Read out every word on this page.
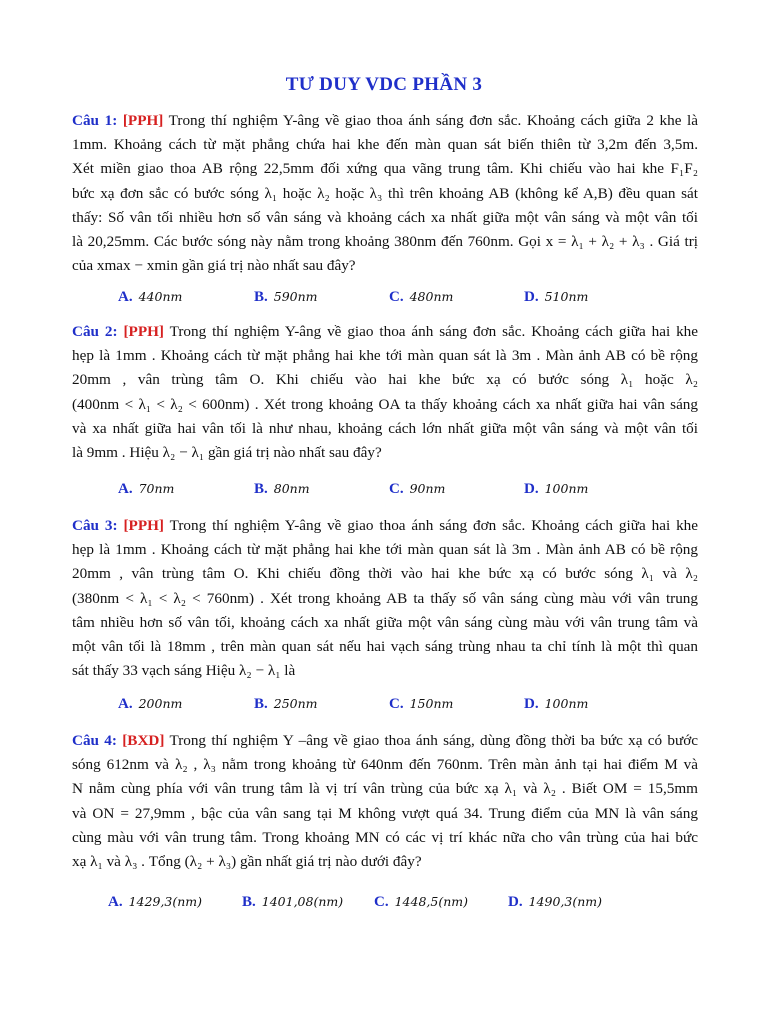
TƯ DUY VDC PHẦN 3
Câu 1: [PPH] Trong thí nghiệm Y-âng về giao thoa ánh sáng đơn sắc. Khoảng cách giữa 2 khe là
1mm. Khoảng cách từ mặt phẳng chứa hai khe đến màn quan sát biến thiên từ 3,2m đến 3,5m.
Xét miền giao thoa AB rộng 22,5mm đối xứng qua vãng trung tâm. Khi chiếu vào hai khe F₁F₂
bức xạ đơn sắc có bước sóng λ₁ hoặc λ₂ hoặc λ₃ thì trên khoảng AB (không kể A,B) đều quan sát
thấy: Số vân tối nhiều hơn số vân sáng và khoảng cách xa nhất giữa một vân sáng và một vân tối
là 20,25mm. Các bước sóng này nằm trong khoảng 380nm đến 760nm. Gọi x = λ₁ + λ₂ + λ₃ . Giá trị
của xmax − xmin gần giá trị nào nhất sau đây?
A. 440nm	B. 590nm	C. 480nm	D. 510nm
Câu 2: [PPH] Trong thí nghiệm Y-âng về giao thoa ánh sáng đơn sắc. Khoảng cách giữa hai khe
hẹp là 1mm . Khoảng cách từ mặt phẳng hai khe tới màn quan sát là 3m . Màn ảnh AB có bề rộng
20mm , vân trùng tâm O. Khi chiếu vào hai khe bức xạ có bước sóng λ₁ hoặc λ₂
(400nm < λ₁ < λ₂ < 600nm) . Xét trong khoảng OA ta thấy khoảng cách xa nhất giữa hai vân sáng
và xa nhất giữa hai vân tối là như nhau, khoảng cách lớn nhất giữa một vân sáng và một vân tối
là 9mm . Hiệu λ₂ − λ₁ gần giá trị nào nhất sau đây?
A. 70nm	B. 80nm	C. 90nm	D. 100nm
Câu 3: [PPH] Trong thí nghiệm Y-âng về giao thoa ánh sáng đơn sắc. Khoảng cách giữa hai khe
hẹp là 1mm . Khoảng cách từ mặt phẳng hai khe tới màn quan sát là 3m . Màn ảnh AB có bề rộng
20mm , vân trùng tâm O. Khi chiếu đồng thời vào hai khe bức xạ có bước sóng λ₁ và λ₂
(380nm < λ₁ < λ₂ < 760nm) . Xét trong khoảng AB ta thấy số vân sáng cùng màu với vân trung
tâm nhiều hơn số vân tối, khoảng cách xa nhất giữa một vân sáng cùng màu với vân trung tâm và
một vân tối là 18mm , trên màn quan sát nếu hai vạch sáng trùng nhau ta chỉ tính là một thì quan
sát thấy 33 vạch sáng Hiệu λ₂ − λ₁ là
A. 200nm	B. 250nm	C. 150nm	D. 100nm
Câu 4: [BXD] Trong thí nghiệm Y –âng về giao thoa ánh sáng, dùng đồng thời ba bức xạ có bước
sóng 612nm và λ₂ , λ₃ nằm trong khoảng từ 640nm đến 760nm. Trên màn ảnh tại hai điểm M và
N nằm cùng phía với vân trung tâm là vị trí vân trùng của bức xạ λ₁ và λ₂ . Biết OM = 15,5mm
và ON = 27,9mm , bậc của vân sang tại M không vượt quá 34. Trung điểm của MN là vân sáng
cùng màu với vân trung tâm. Trong khoảng MN có các vị trí khác nữa cho vân trùng của hai bức
xạ λ₁ và λ₃ . Tổng (λ₂ + λ₃) gần nhất giá trị nào dưới đây?
A. 1429,3(nm)	B. 1401,08(nm) C. 1448,5(nm)	D. 1490,3(nm)
